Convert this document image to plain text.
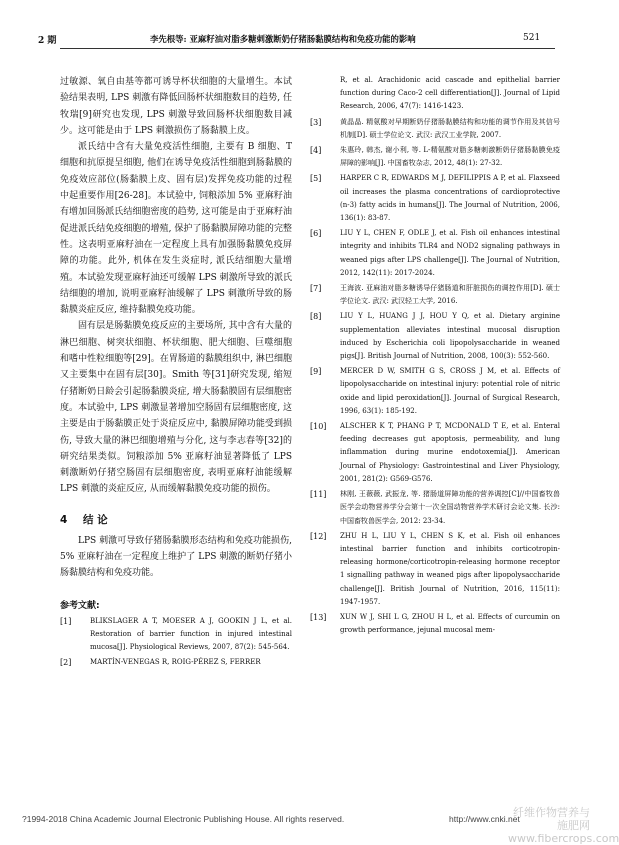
2 期	李先根等: 亚麻籽油对脂多糖刺激断奶仔猪肠黏膜结构和免疫功能的影响	521

过敏源、氧自由基等都可诱导杯状细胞的大量增生。本试验结果表明, LPS 刺激有降低回肠杯状细胞数目的趋势, 任牧瑞[9]研究也发现, LPS 刺激导致回肠杯状细胞数目减少。这可能是由于 LPS 刺激损伤了肠黏膜上皮。

派氏结中含有大量免疫活性细胞, 主要有 B 细胞、T 细胞和抗原提呈细胞, 他们在诱导免疫活性细胞到肠黏膜的免疫效应部位(肠黏膜上皮、固有层)发挥免疫功能的过程中起重要作用[26-28]。本试验中, 饲粮添加 5% 亚麻籽油有增加回肠派氏结细胞密度的趋势, 这可能是由于亚麻籽油促进派氏结免疫细胞的增殖, 保护了肠黏膜屏障功能的完整性。这表明亚麻籽油在一定程度上具有加强肠黏膜免疫屏障的功能。此外, 机体在发生炎症时, 派氏结细胞大量增殖。本试验发现亚麻籽油还可缓解 LPS 刺激所导致的派氏结细胞的增加, 说明亚麻籽油缓解了 LPS 刺激所导致的肠黏膜炎症反应, 维持黏膜免疫功能。

固有层是肠黏膜免疫反应的主要场所, 其中含有大量的淋巴细胞、树突状细胞、杯状细胞、肥大细胞、巨噬细胞和嗜中性粒细胞等[29]。在胃肠道的黏膜组织中, 淋巴细胞又主要集中在固有层[30]。Smith 等[31]研究发现, 缩短仔猪断奶日龄会引起肠黏膜炎症, 增大肠黏膜固有层细胞密度。本试验中, LPS 刺激显著增加空肠固有层细胞密度, 这主要是由于肠黏膜正处于炎症反应中, 黏膜屏障功能受到损伤, 导致大量的淋巴细胞增殖与分化, 这与李志春等[32]的研究结果类似。饲粮添加 5% 亚麻籽油显著降低了 LPS 刺激断奶仔猪空肠固有层细胞密度, 表明亚麻籽油能缓解 LPS 刺激的炎症反应, 从而缓解黏膜免疫功能的损伤。

4 结 论

LPS 刺激可导致仔猪肠黏膜形态结构和免疫功能损伤, 5% 亚麻籽油在一定程度上维护了 LPS 刺激的断奶仔猪小肠黏膜结构和免疫功能。

参考文献:
[1]	BLIKSLAGER A T, MOESER A J, GOOKIN J L, et al. Restoration of barrier function in injured intestinal mucosa[J]. Physiological Reviews, 2007, 87(2): 545-564.
[2]	MARTÍN-VENEGAS R, ROIG-PÉREZ S, FERRER
R, et al. Arachidonic acid cascade and epithelial barrier function during Caco-2 cell differentiation[J]. Journal of Lipid Research, 2006, 47(7): 1416-1423.
[3]	黄晶晶. 精氨酸对早期断奶仔猪肠黏膜结构和功能的调节作用及其信号机制[D]. 硕士学位论文. 武汉: 武汉工业学院, 2007.
[4]	朱惠玲, 韩杰, 谢小利, 等. L-精氨酸对脂多糖刺激断奶仔猪肠黏膜免疫屏障的影响[J]. 中国畜牧杂志, 2012, 48(1): 27-32.
[5]	HARPER C R, EDWARDS M J, DEFILIPPIS A P, et al. Flaxseed oil increases the plasma concentrations of cardioprotective (n-3) fatty acids in humans[J]. The Journal of Nutrition, 2006, 136(1): 83-87.
[6]	LIU Y L, CHEN F, ODLE J, et al. Fish oil enhances intestinal integrity and inhibits TLR4 and NOD2 signaling pathways in weaned pigs after LPS challenge[J]. The Journal of Nutrition, 2012, 142(11): 2017-2024.
[7]	王海波. 亚麻油对脂多糖诱导仔猪肠道和肝脏损伤的调控作用[D]. 硕士学位论文. 武汉: 武汉轻工大学, 2016.
[8]	LIU Y L, HUANG J J, HOU Y Q, et al. Dietary arginine supplementation alleviates intestinal mucosal disruption induced by Escherichia coli lipopolysaccharide in weaned pigs[J]. British Journal of Nutrition, 2008, 100(3): 552-560.
[9]	MERCER D W, SMITH G S, CROSS J M, et al. Effects of lipopolysaccharide on intestinal injury: potential role of nitric oxide and lipid peroxidation[J]. Journal of Surgical Research, 1996, 63(1): 185-192.
[10]	ALSCHER K T, PHANG P T, MCDONALD T E, et al. Enteral feeding decreases gut apoptosis, permeability, and lung inflammation during murine endotoxemia[J]. American Journal of Physiology: Gastrointestinal and Liver Physiology, 2001, 281(2): G569-G576.
[11]	林刚, 王薇薇, 武振龙, 等. 猪肠道屏障功能的营养调控[C]//中国畜牧兽医学会动物营养学分会第十一次全国动物营养学术研讨会论文集. 长沙: 中国畜牧兽医学会, 2012: 23-34.
[12]	ZHU H L, LIU Y L, CHEN S K, et al. Fish oil enhances intestinal barrier function and inhibits corticotropin-releasing hormone/corticotropin-releasing hormone receptor 1 signalling pathway in weaned pigs after lipopolysaccharide challenge[J]. British Journal of Nutrition, 2016, 115(11): 1947-1957.
[13]	XUN W J, SHI L G, ZHOU H L, et al. Effects of curcumin on growth performance, jejunal mucosal mem-
?1994-2018 China Academic Journal Electronic Publishing House. All rights reserved.	http://www.cnki.net
纤维作物营养与施肥网
www.fibercrops.com
